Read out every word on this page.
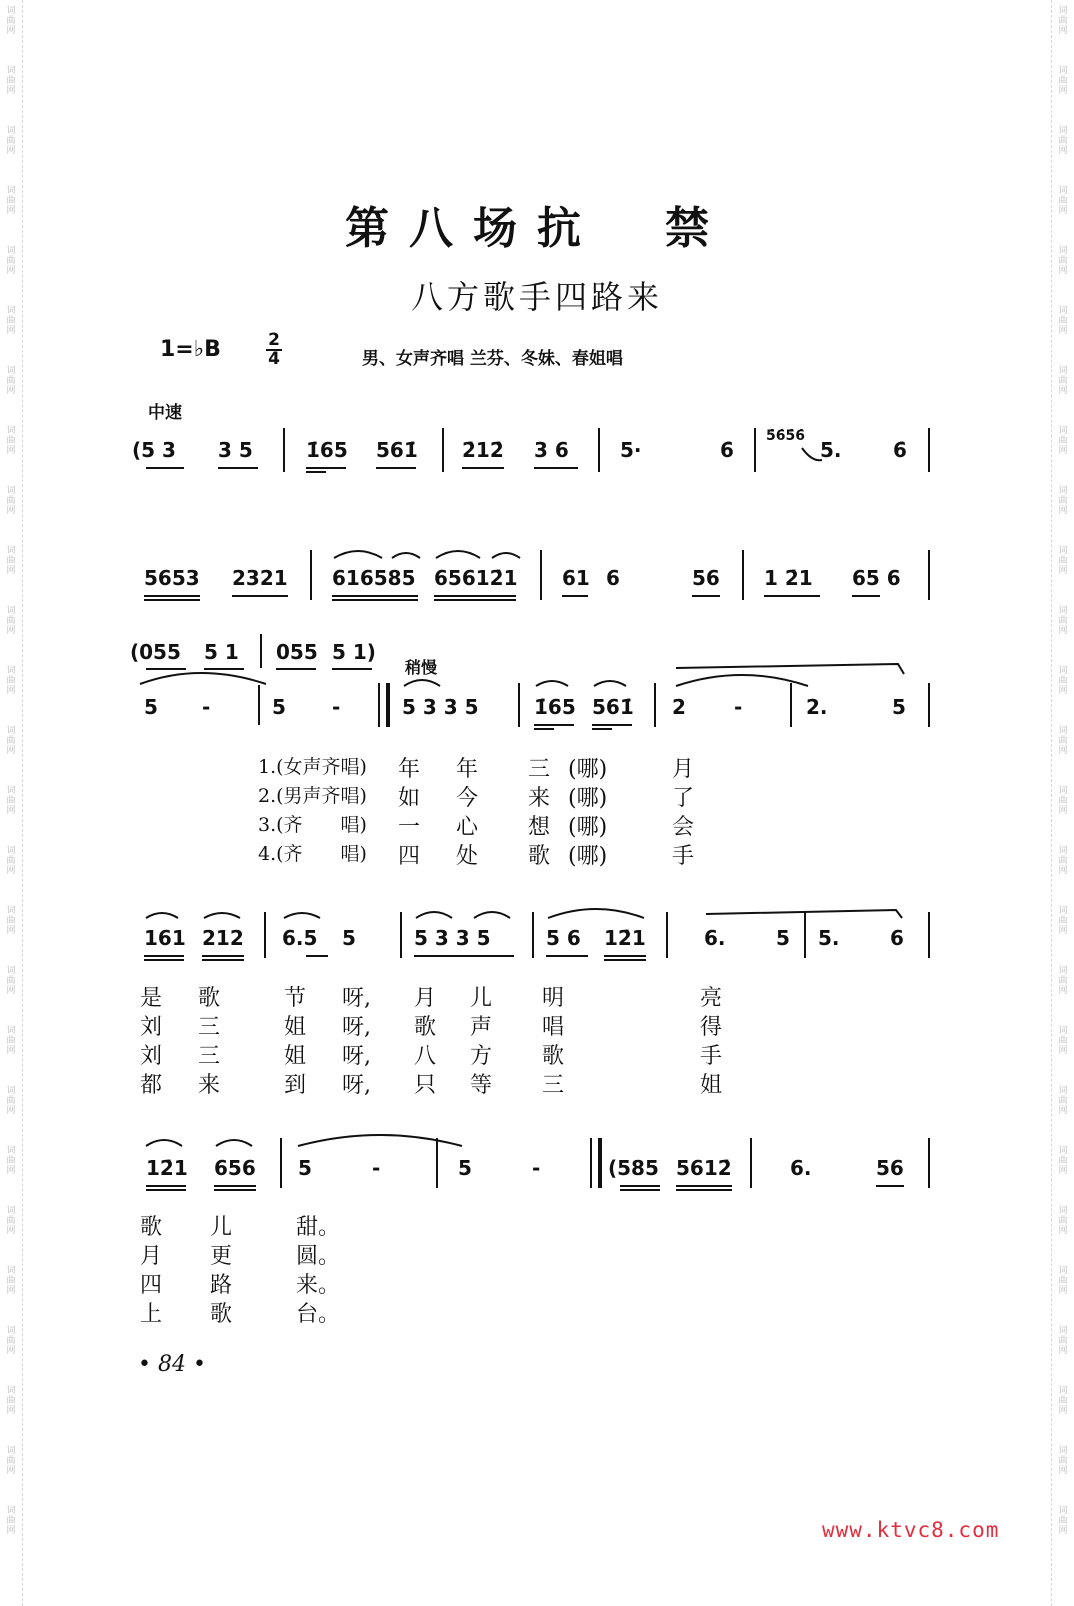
词
曲
网
词
曲
网
词
曲
网
词
曲
网
词
曲
网
词
曲
网
词
曲
网
词
曲
网
词
曲
网
词
曲
网
词
曲
网
词
曲
网
词
曲
网
词
曲
网
词
曲
网
词
曲
网
词
曲
网
词
曲
网
词
曲
网
词
曲
网
词
曲
网
词
曲
网
词
曲
网
词
曲
网
词
曲
网
词
曲
网
词
曲
网
词
曲
网
词
曲
网
词
曲
网
词
曲
网
词
曲
网
词
曲
网
词
曲
网
词
曲
网
词
曲
网
词
曲
网
词
曲
网
词
曲
网
词
曲
网
词
曲
网
词
曲
网
词
曲
网
词
曲
网
词
曲
网
词
曲
网
词
曲
网
词
曲
网
词
曲
网
词
曲
网
词
曲
网
词
曲
网
第八场抗　禁
八方歌手四路来
1=♭B	2
4	男、女声齐唱 兰芬、冬妹、春姐唱
中速
稍慢
(5 3 3 5	1̇65 561̇ 2̇12̇ 3 6	5·	6̇
5̇6̇5̇6̇
5.	6̇
5653 2321 616585 65612̇1 61 6	56 1 2̇1 65 6
(055 5 1 055 5 1)
5 -	5 -	5 3 3 5	1̇65 561̇ 2 -	2.	5
1.(女声齐唱) 年 年 三 (哪)	月
2.(男声齐唱) 如 今 来 (哪)	了
3.(齐　　唱) 一 心 想 (哪)	会
4.(齐　　唱) 四 处 歌 (哪)	手
161 212 6.5 5	5 3 3 5	5 6 12̇1	6.	5 5.	6
是 歌	节 呀, 月 儿 明	亮
刘 三	姐 呀, 歌 声 唱	得
刘 三	姐 呀, 八 方 歌	手
都 来	到 呀, 只 等 三	姐
12̇1 656 5	-	5	-	(585 5612̇	6.	56
歌 儿	甜。
月 更	圆。
四 路	来。
上 歌	台。
• 84 •
www.ktvc8.com
